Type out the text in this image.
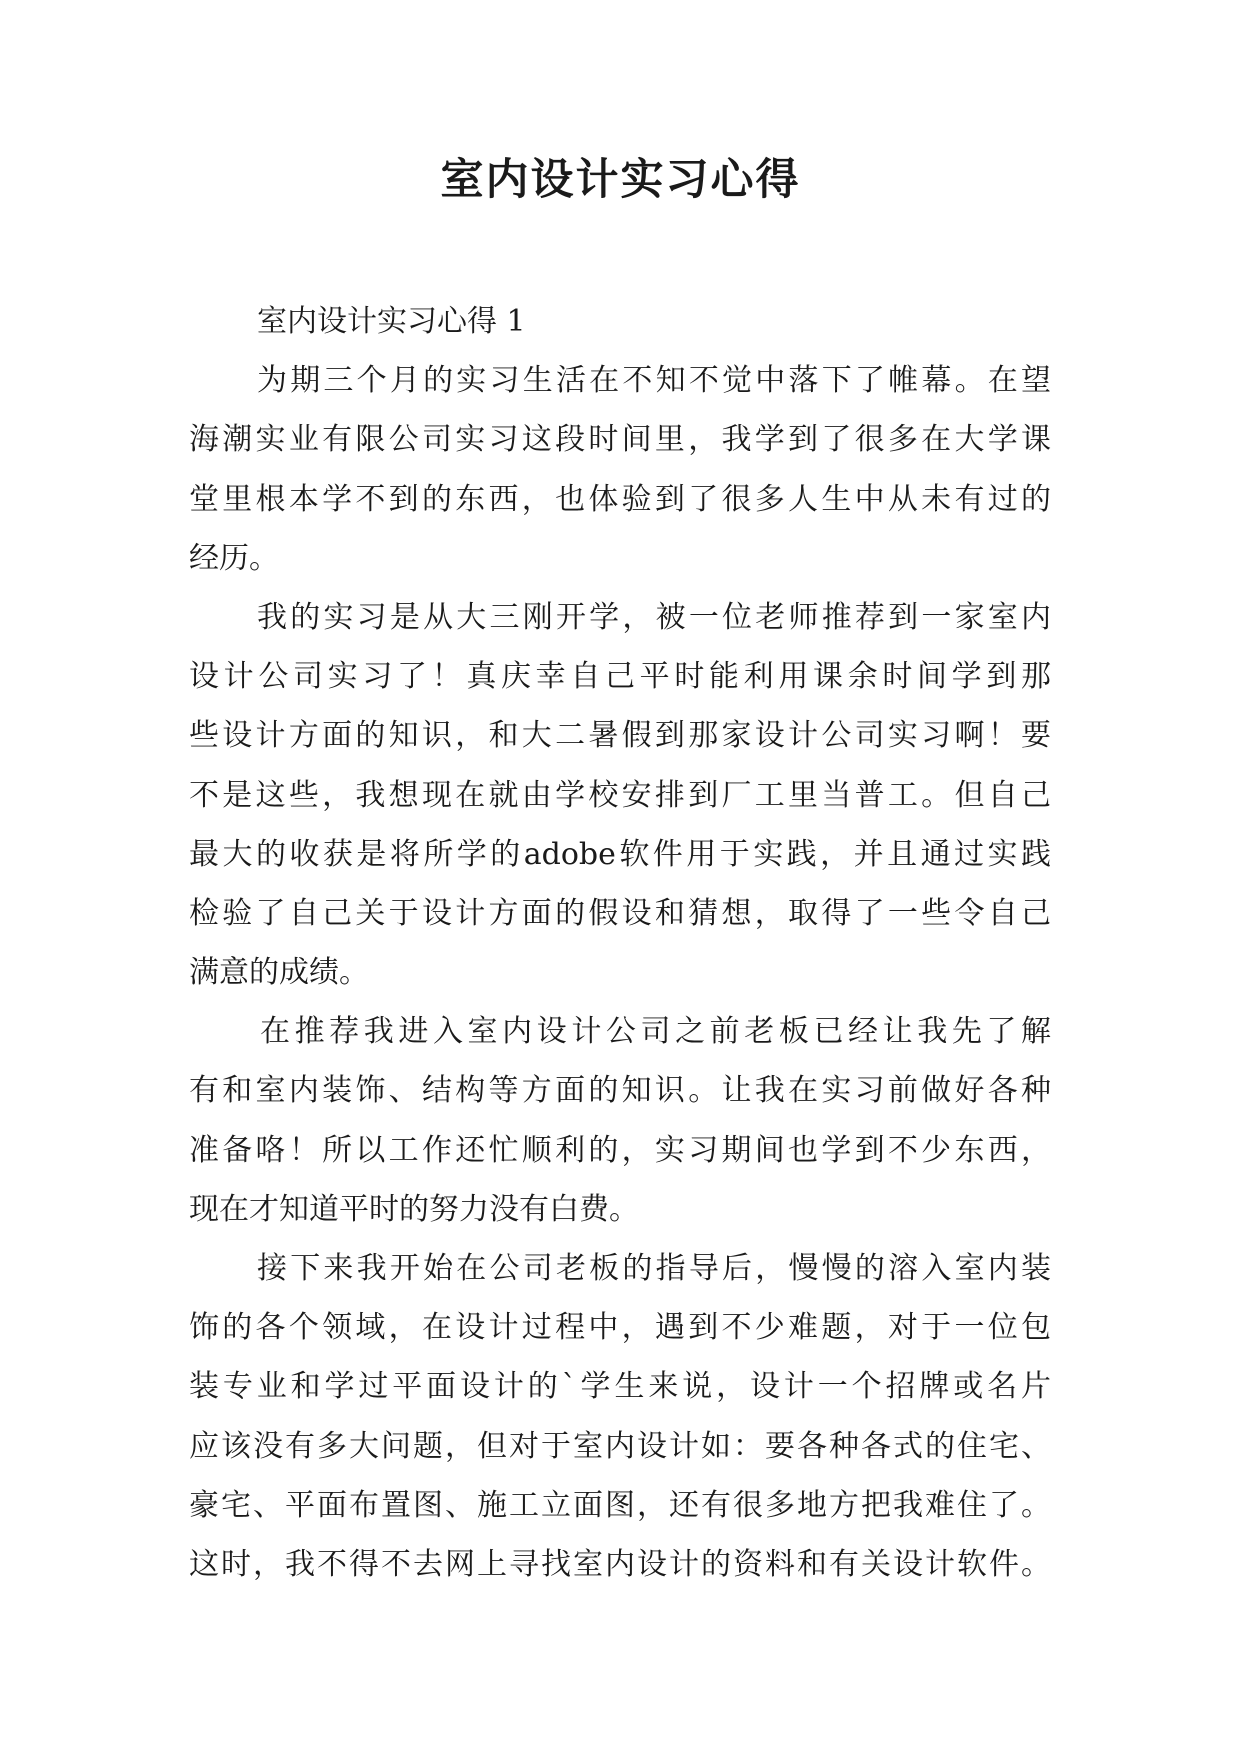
室内设计实习心得
室内设计实习心得 1
为期三个月的实习生活在不知不觉中落下了帷幕。在望
海潮实业有限公司实习这段时间里，我学到了很多在大学课
堂里根本学不到的东西，也体验到了很多人生中从未有过的
经历。
我的实习是从大三刚开学，被一位老师推荐到一家室内
设计公司实习了！真庆幸自己平时能利用课余时间学到那
些设计方面的知识，和大二暑假到那家设计公司实习啊！要
不是这些，我想现在就由学校安排到厂工里当普工。但自己
最大的收获是将所学的adobe软件用于实践，并且通过实践
检验了自己关于设计方面的假设和猜想，取得了一些令自己
满意的成绩。
在推荐我进入室内设计公司之前老板已经让我先了解
有和室内装饰、结构等方面的知识。让我在实习前做好各种
准备咯！所以工作还忙顺利的，实习期间也学到不少东西，
现在才知道平时的努力没有白费。
接下来我开始在公司老板的指导后，慢慢的溶入室内装
饰的各个领域，在设计过程中，遇到不少难题，对于一位包
装专业和学过平面设计的`学生来说，设计一个招牌或名片
应该没有多大问题，但对于室内设计如：要各种各式的住宅、
豪宅、平面布置图、施工立面图，还有很多地方把我难住了。
这时，我不得不去网上寻找室内设计的资料和有关设计软件。
